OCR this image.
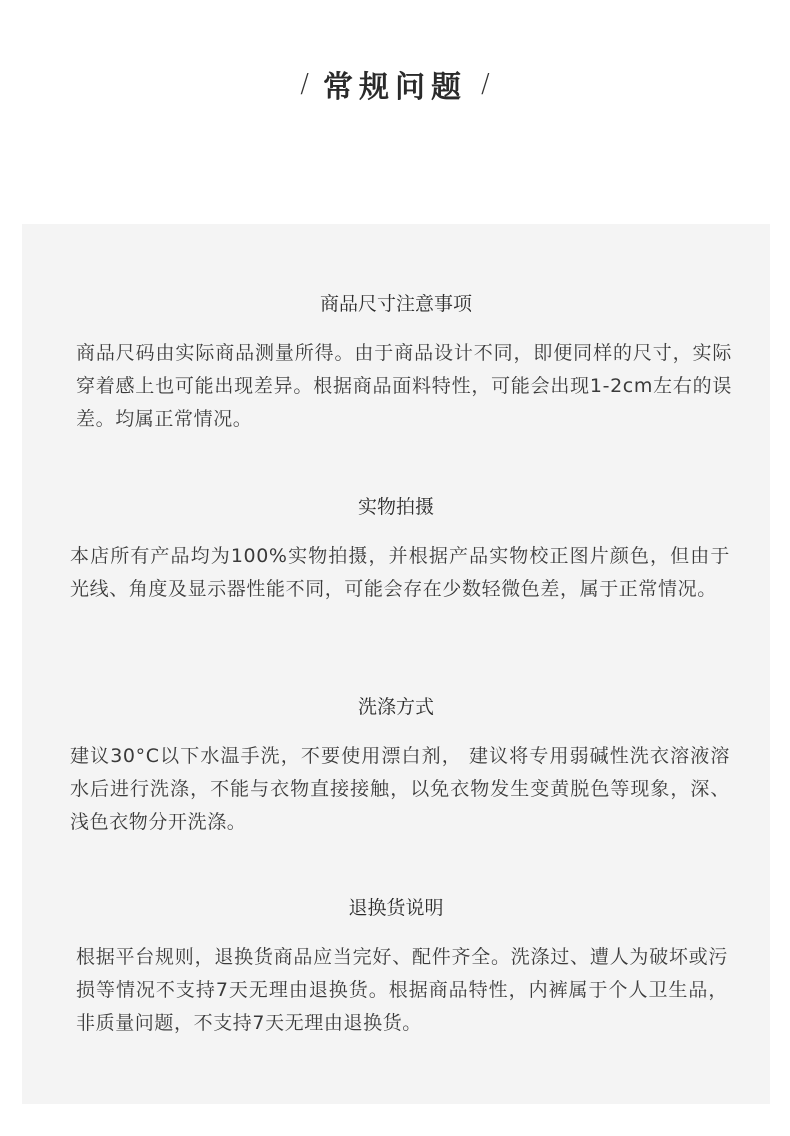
/ 常规问题 /
商品尺寸注意事项

商品尺码由实际商品测量所得。由于商品设计不同，即便同样的尺寸，实际穿着感上也可能出现差异。根据商品面料特性，可能会出现1-2cm左右的误差。均属正常情况。

实物拍摄

本店所有产品均为100%实物拍摄，并根据产品实物校正图片颜色，但由于光线、角度及显示器性能不同，可能会存在少数轻微色差，属于正常情况。

洗涤方式

建议30°C以下水温手洗，不要使用漂白剂， 建议将专用弱碱性洗衣溶液溶水后进行洗涤，不能与衣物直接接触，以免衣物发生变黄脱色等现象，深、浅色衣物分开洗涤。

退换货说明

根据平台规则，退换货商品应当完好、配件齐全。洗涤过、遭人为破坏或污损等情况不支持7天无理由退换货。根据商品特性，内裤属于个人卫生品，非质量问题，不支持7天无理由退换货。
